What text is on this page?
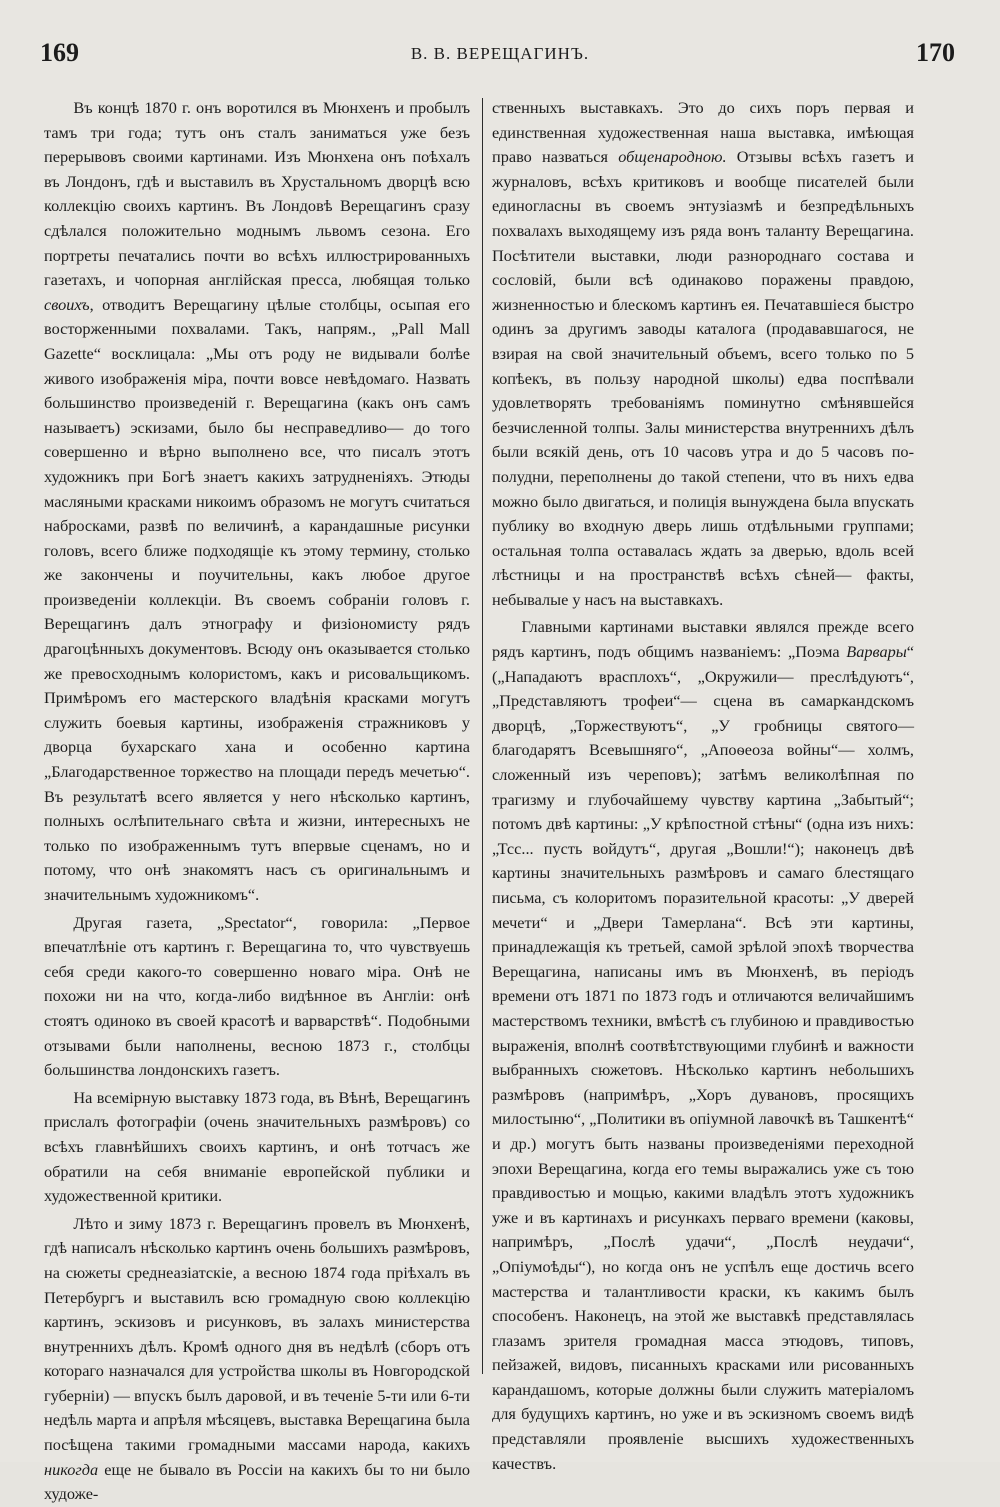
169	В. В. ВЕРЕЩАГИНЪ.	170

Въ концѣ 1870 г. онъ воротился въ Мюнхенъ и пробылъ тамъ три года; тутъ онъ сталъ заниматься уже безъ перерывовъ своими картинами. Изъ Мюнхена онъ поѣхалъ въ Лондонъ, гдѣ и выставилъ въ Хрустальномъ дворцѣ всю коллекцію своихъ картинъ. Въ Лондовѣ Верещагинъ сразу сдѣлался положительно моднымъ львомъ сезона. Его портреты печатались почти во всѣхъ иллюстрированныхъ газетахъ, и чопорная англійская пресса, любящая только своихъ, отводитъ Верещагину цѣлые столбцы, осыпая его восторженными похвалами. Такъ, напрям., „Pall Mall Gazette“ восклицала: „Мы отъ роду не видывали болѣе живого изображенія міра, почти вовсе невѣдомаго. Назвать большинство произведеній г. Верещагина (какъ онъ самъ называетъ) эскизами, было бы несправедливо— до того совершенно и вѣрно выполнено все, что писалъ этотъ художникъ при Богѣ знаетъ какихъ затрудненіяхъ. Этюды масляными красками никоимъ образомъ не могутъ считаться набросками, развѣ по величинѣ, а карандашные рисунки головъ, всего ближе подходящіе къ этому термину, столько же закончены и поучительны, какъ любое другое произведеніи коллекціи. Въ своемъ собраніи головъ г. Верещагинъ далъ этнографу и физіономисту рядъ драгоцѣнныхъ документовъ. Всюду онъ оказывается столько же превосходнымъ колористомъ, какъ и рисовальщикомъ. Примѣромъ его мастерского владѣнія красками могутъ служить боевыя картины, изображенія стражниковъ у дворца бухарскаго хана и особенно картина „Благодарственное торжество на площади передъ мечетью“. Въ результатѣ всего является у него нѣсколько картинъ, полныхъ ослѣпительнаго свѣта и жизни, интересныхъ не только по изображеннымъ тутъ впервые сценамъ, но и потому, что онѣ знакомятъ насъ съ оригинальнымъ и значительнымъ художникомъ“.

Другая газета, „Spectator“, говорила: „Первое впечатлѣніе отъ картинъ г. Верещагина то, что чувствуешь себя среди какого-то совершенно новаго міра. Онѣ не похожи ни на что, когда-либо видѣнное въ Англіи: онѣ стоятъ одиноко въ своей красотѣ и варварствѣ“. Подобными отзывами были наполнены, весною 1873 г., столбцы большинства лондонскихъ газетъ.

На всемірную выставку 1873 года, въ Вѣнѣ, Верещагинъ прислалъ фотографіи (очень значительныхъ размѣровъ) со всѣхъ главнѣйшихъ своихъ картинъ, и онѣ тотчасъ же обратили на себя вниманіе европейской публики и художественной критики.

Лѣто и зиму 1873 г. Верещагинъ провелъ въ Мюнхенѣ, гдѣ написалъ нѣсколько картинъ очень большихъ размѣровъ, на сюжеты среднеазіатскіе, а весною 1874 года пріѣхалъ въ Петербургъ и выставилъ всю громадную свою коллекцію картинъ, эскизовъ и рисунковъ, въ залахъ министерства внутреннихъ дѣлъ. Кромѣ одного дня въ недѣлѣ (сборъ отъ котораго назначался для устройства школы въ Новгородской губерніи) — впускъ былъ даровой, и въ теченіе 5-ти или 6-ти недѣль марта и апрѣля мѣсяцевъ, выставка Верещагина была посѣщена такими громадными массами народа, какихъ никогда еще не бывало въ Россіи на какихъ бы то ни было художе-

ственныхъ выставкахъ. Это до сихъ поръ первая и единственная художественная наша выставка, имѣющая право назваться общенародною. Отзывы всѣхъ газетъ и журналовъ, всѣхъ критиковъ и вообще писателей были единогласны въ своемъ энтузіазмѣ и безпредѣльныхъ похвалахъ выходящему изъ ряда вонъ таланту Верещагина. Посѣтители выставки, люди разнороднаго состава и сословій, были всѣ одинаково поражены правдою, жизненностью и блескомъ картинъ ея. Печатавшіеся быстро одинъ за другимъ заводы каталога (продававшагося, не взирая на свой значительный объемъ, всего только по 5 копѣекъ, въ пользу народной школы) едва поспѣвали удовлетворять требованіямъ поминутно смѣнявшейся безчисленной толпы. Залы министерства внутреннихъ дѣлъ были всякій день, отъ 10 часовъ утра и до 5 часовъ по-полудни, переполнены до такой степени, что въ нихъ едва можно было двигаться, и полиція вынуждена была впускать публику во входную дверь лишь отдѣльными группами; остальная толпа оставалась ждать за дверью, вдоль всей лѣстницы и на пространствѣ всѣхъ сѣней— факты, небывалые у насъ на выставкахъ.

Главными картинами выставки являлся прежде всего рядъ картинъ, подъ общимъ названіемъ: „Поэма Варвары“ („Нападаютъ врасплохъ“, „Окружили— преслѣдуютъ“, „Представляютъ трофеи“— сцена въ самаркандскомъ дворцѣ, „Торжествуютъ“, „У гробницы святого—благодарятъ Всевышняго“, „Апоѳеоза войны“— холмъ, сложенный изъ череповъ); затѣмъ великолѣпная по трагизму и глубочайшему чувству картина „Забытый“; потомъ двѣ картины: „У крѣпостной стѣны“ (одна изъ нихъ: „Тсс... пусть войдутъ“, другая „Вошли!“); наконецъ двѣ картины значительныхъ размѣровъ и самаго блестящаго письма, съ колоритомъ поразительной красоты: „У дверей мечети“ и „Двери Тамерлана“. Всѣ эти картины, принадлежащія къ третьей, самой зрѣлой эпохѣ творчества Верещагина, написаны имъ въ Мюнхенѣ, въ періодъ времени отъ 1871 по 1873 годъ и отличаются величайшимъ мастерствомъ техники, вмѣстѣ съ глубиною и правдивостью выраженія, вполнѣ соотвѣтствующими глубинѣ и важности выбранныхъ сюжетовъ. Нѣсколько картинъ небольшихъ размѣровъ (напримѣръ, „Хоръ дувановъ, просящихъ милостыню“, „Политики въ опіумной лавочкѣ въ Ташкентѣ“ и др.) могутъ быть названы произведеніями переходной эпохи Верещагина, когда его темы выражались уже съ тою правдивостью и мощью, какими владѣлъ этотъ художникъ уже и въ картинахъ и рисункахъ перваго времени (каковы, напримѣръ, „Послѣ удачи“, „Послѣ неудачи“, „Опіумоѣды“), но когда онъ не успѣлъ еще достичь всего мастерства и талантливости краски, къ какимъ былъ способенъ. Наконецъ, на этой же выставкѣ представлялась глазамъ зрителя громадная масса этюдовъ, типовъ, пейзажей, видовъ, писанныхъ красками или рисованныхъ карандашомъ, которые должны были служить матеріаломъ для будущихъ картинъ, но уже и въ эскизномъ своемъ видѣ представляли проявленіе высшихъ художественныхъ качествъ.
